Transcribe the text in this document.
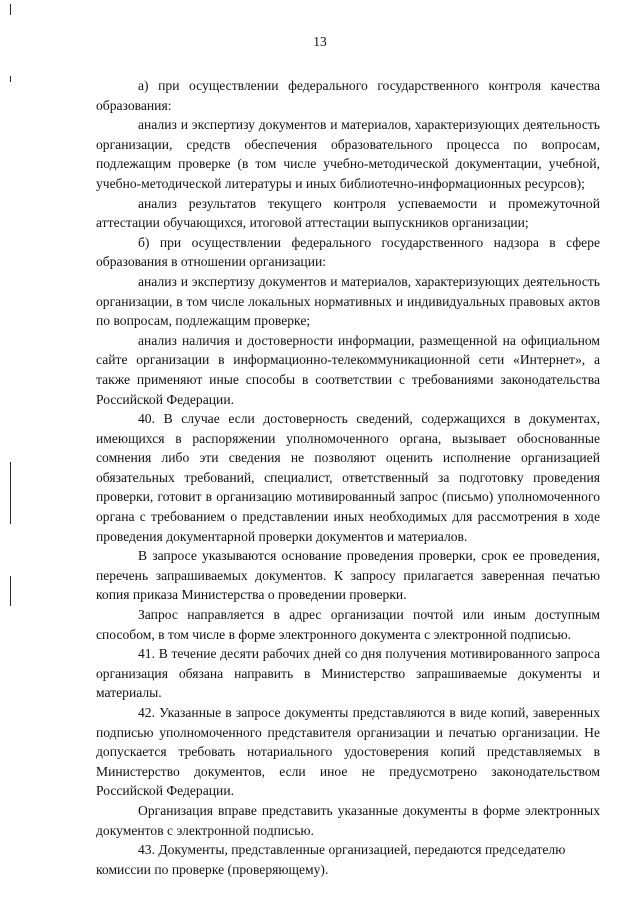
13

а) при осуществлении федерального государственного контроля качества образования:

анализ и экспертизу документов и материалов, характеризующих деятельность организации, средств обеспечения образовательного процесса по вопросам, подлежащим проверке (в том числе учебно-методической документации, учебной, учебно-методической литературы и иных библиотечно-информационных ресурсов);

анализ результатов текущего контроля успеваемости и промежуточной аттестации обучающихся, итоговой аттестации выпускников организации;

б) при осуществлении федерального государственного надзора в сфере образования в отношении организации:

анализ и экспертизу документов и материалов, характеризующих деятельность организации, в том числе локальных нормативных и индивидуальных правовых актов по вопросам, подлежащим проверке;

анализ наличия и достоверности информации, размещенной на официальном сайте организации в информационно-телекоммуникационной сети «Интернет», а также применяют иные способы в соответствии с требованиями законодательства Российской Федерации.

40. В случае если достоверность сведений, содержащихся в документах, имеющихся в распоряжении уполномоченного органа, вызывает обоснованные сомнения либо эти сведения не позволяют оценить исполнение организацией обязательных требований, специалист, ответственный за подготовку проведения проверки, готовит в организацию мотивированный запрос (письмо) уполномоченного органа с требованием о представлении иных необходимых для рассмотрения в ходе проведения документарной проверки документов и материалов.

В запросе указываются основание проведения проверки, срок ее проведения, перечень запрашиваемых документов. К запросу прилагается заверенная печатью копия приказа Министерства о проведении проверки.

Запрос направляется в адрес организации почтой или иным доступным способом, в том числе в форме электронного документа с электронной подписью.

41. В течение десяти рабочих дней со дня получения мотивированного запроса организация обязана направить в Министерство запрашиваемые документы и материалы.

42. Указанные в запросе документы представляются в виде копий, заверенных подписью уполномоченного представителя организации и печатью организации. Не допускается требовать нотариального удостоверения копий представляемых в Министерство документов, если иное не предусмотрено законодательством Российской Федерации.

Организация вправе представить указанные документы в форме электронных документов с электронной подписью.

43. Документы, представленные организацией, передаются председателю комиссии по проверке (проверяющему).
